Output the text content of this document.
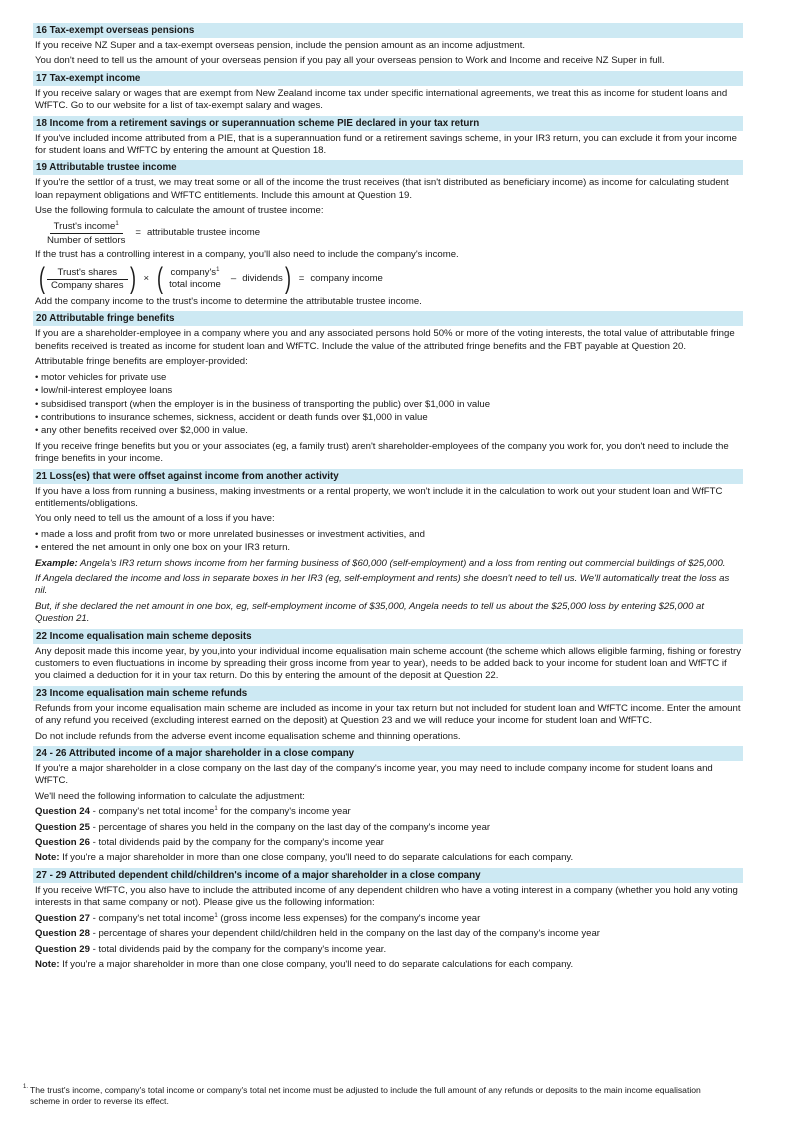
16 Tax-exempt overseas pensions

If you receive NZ Super and a tax-exempt overseas pension, include the pension amount as an income adjustment.

You don't need to tell us the amount of your overseas pension if you pay all your overseas pension to Work and Income and receive NZ Super in full.

17 Tax-exempt income

If you receive salary or wages that are exempt from New Zealand income tax under specific international agreements, we treat this as income for student loans and WfFTC. Go to our website for a list of tax-exempt salary and wages.

18 Income from a retirement savings or superannuation scheme PIE declared in your tax return

If you've included income attributed from a PIE, that is a superannuation fund or a retirement savings scheme, in your IR3 return, you can exclude it from your income for student loans and WfFTC by entering the amount at Question 18.

19 Attributable trustee income

If you're the settlor of a trust, we may treat some or all of the income the trust receives (that isn't distributed as beneficiary income) as income for calculating student loan repayment obligations and WfFTC entitlements. Include this amount at Question 19.

Use the following formula to calculate the amount of trustee income:

$\frac{Trust's income^1}{\text{Number of settlors}}$ = attributable trustee income

If the trust has a controlling interest in a company, you'll also need to include the company's income.

( $\frac{\text{Trust's shares}}{\text{Company shares}}$ ) × ( $company's^1$
total income
– dividends ) = company income

Add the company income to the trust's income to determine the attributable trustee income.

20 Attributable fringe benefits

If you are a shareholder-employee in a company where you and any associated persons hold 50% or more of the voting interests, the total value of attributable fringe benefits received is treated as income for student loan and WfFTC. Include the value of the attributed fringe benefits and the FBT payable at Question 20.

Attributable fringe benefits are employer-provided:

• motor vehicles for private use
• low/nil-interest employee loans
• subsidised transport (when the employer is in the business of transporting the public) over $1,000 in value
• contributions to insurance schemes, sickness, accident or death funds over $1,000 in value
• any other benefits received over $2,000 in value.

If you receive fringe benefits but you or your associates (eg, a family trust) aren't shareholder-employees of the company you work for, you don't need to include the fringe benefits in your income.

21 Loss(es) that were offset against income from another activity

If you have a loss from running a business, making investments or a rental property, we won't include it in the calculation to work out your student loan and WfFTC entitlements/obligations.

You only need to tell us the amount of a loss if you have:

• made a loss and profit from two or more unrelated businesses or investment activities, and
• entered the net amount in only one box on your IR3 return.

Example: Angela's IR3 return shows income from her farming business of $60,000 (self-employment) and a loss from renting out commercial buildings of $25,000.

If Angela declared the income and loss in separate boxes in her IR3 (eg, self-employment and rents) she doesn't need to tell us. We'll automatically treat the loss as nil.

But, if she declared the net amount in one box, eg, self-employment income of $35,000, Angela needs to tell us about the $25,000 loss by entering $25,000 at Question 21.

22 Income equalisation main scheme deposits

Any deposit made this income year, by you,into your individual income equalisation main scheme account (the scheme which allows eligible farming, fishing or forestry customers to even fluctuations in income by spreading their gross income from year to year), needs to be added back to your income for student loan and WfFTC if you claimed a deduction for it in your tax return. Do this by entering the amount of the deposit at Question 22.

23 Income equalisation main scheme refunds

Refunds from your income equalisation main scheme are included as income in your tax return but not included for student loan and WfFTC income. Enter the amount of any refund you received (excluding interest earned on the deposit) at Question 23 and we will reduce your income for student loan and WfFTC.

Do not include refunds from the adverse event income equalisation scheme and thinning operations.

24 - 26 Attributed income of a major shareholder in a close company

If you're a major shareholder in a close company on the last day of the company's income year, you may need to include company income for student loans and WfFTC.

We'll need the following information to calculate the adjustment:

Question 24 - company's net total income$^1$ for the company's income year

Question 25 - percentage of shares you held in the company on the last day of the company's income year

Question 26 - total dividends paid by the company for the company's income year

Note: If you're a major shareholder in more than one close company, you'll need to do separate calculations for each company.

27 - 29 Attributed dependent child/children's income of a major shareholder in a close company

If you receive WfFTC, you also have to include the attributed income of any dependent children who have a voting interest in a company (whether you hold any voting interests in that same company or not). Please give us the following information:

Question 27 - company's net total income$^1$ (gross income less expenses) for the company's income year

Question 28 - percentage of shares your dependent child/children held in the company on the last day of the company's income year

Question 29 - total dividends paid by the company for the company's income year.

Note: If you're a major shareholder in more than one close company, you'll need to do separate calculations for each company.

1. The trust's income, company's total income or company's total net income must be adjusted to include the full amount of any refunds or deposits to the main income equalisation scheme in order to reverse its effect.
